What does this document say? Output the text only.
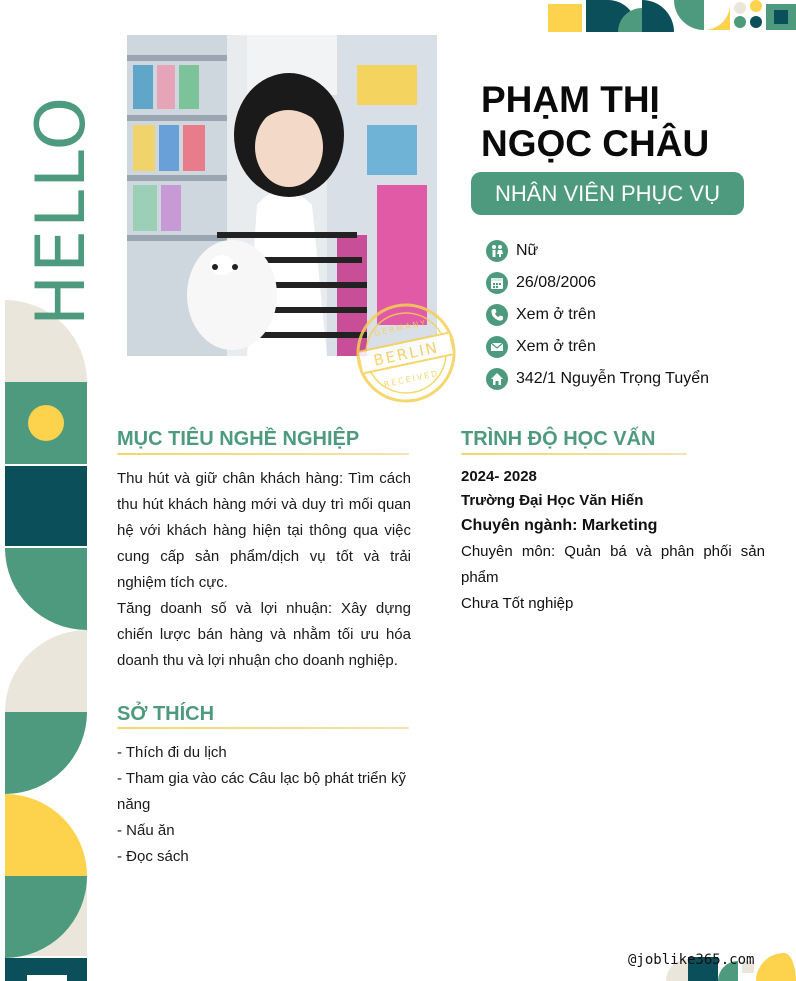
HELLO
BERLIN
GERMANY
RECEIVED
PHẠM THỊ
NGỌC CHÂU
NHÂN VIÊN PHỤC VỤ
Nữ
26/08/2006
Xem ở trên
Xem ở trên
342/1 Nguyễn Trọng Tuyển
MỤC TIÊU NGHỀ NGHIỆP
Thu hút và giữ chân khách hàng: Tìm cách thu hút khách hàng mới và duy trì mối quan hệ với khách hàng hiện tại thông qua việc cung cấp sản phẩm/dịch vụ tốt và trải nghiệm tích cực.
Tăng doanh số và lợi nhuận: Xây dựng chiến lược bán hàng và nhằm tối ưu hóa doanh thu và lợi nhuận cho doanh nghiệp.
TRÌNH ĐỘ HỌC VẤN
2024- 2028
Trường Đại Học Văn Hiến
Chuyên ngành: Marketing
Chuyên môn: Quản bá và phân phối sản phẩm
Chưa Tốt nghiệp
SỞ THÍCH
- Thích đi du lịch
- Tham gia vào các Câu lạc bộ phát triển kỹ năng
- Nấu ăn
- Đọc sách
@joblike365.com
